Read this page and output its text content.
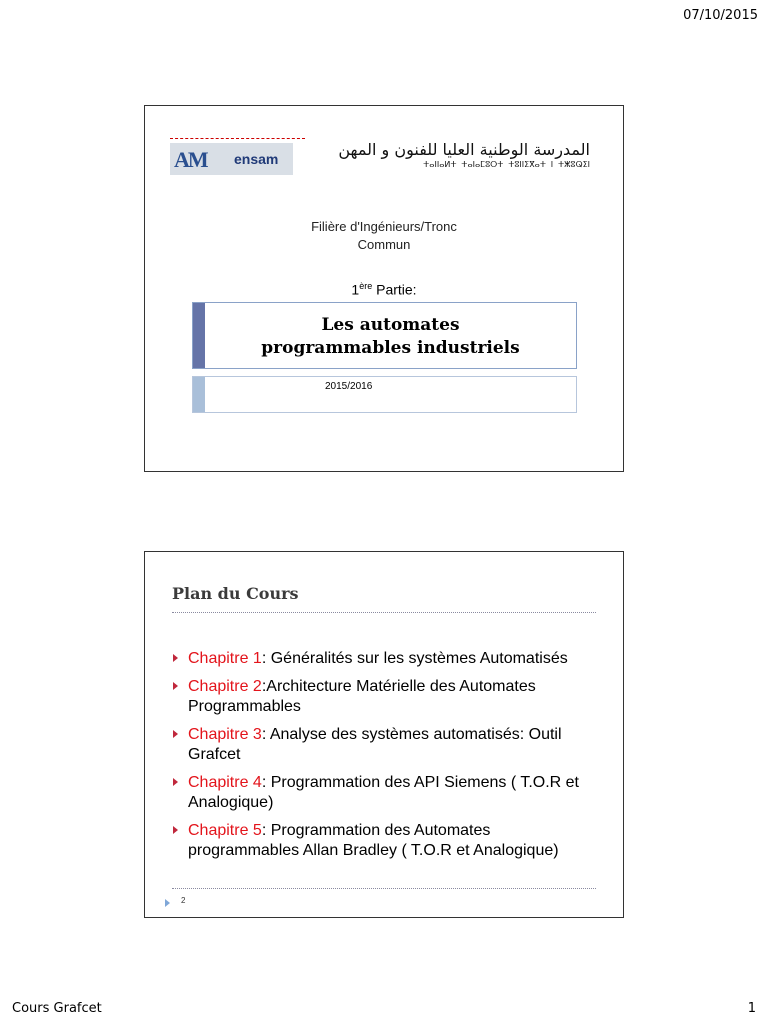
07/10/2015
AM ensam	المدرسة الوطنية العليا للفنون و المهن
ⵜⴰⵏⵏⴰⵍⵜ ⵜⴰⵏⴰⵎⵓⵔⵜ ⵜⵓⵏⵏⵉⴳⴰⵜ ⵏ ⵜⵥⵓⵕⵉⵏ
Filière d'Ingénieurs/Tronc
Commun
1ère Partie:
Les automates
programmables industriels
2015/2016
Plan du Cours
Chapitre 1: Généralités sur les systèmes Automatisés
Chapitre 2:Architecture Matérielle des Automates Programmables
Chapitre 3: Analyse des systèmes automatisés: Outil Grafcet
Chapitre 4: Programmation des API Siemens ( T.O.R et Analogique)
Chapitre 5: Programmation des Automates programmables Allan Bradley ( T.O.R et Analogique)
2
Cours Grafcet	1
